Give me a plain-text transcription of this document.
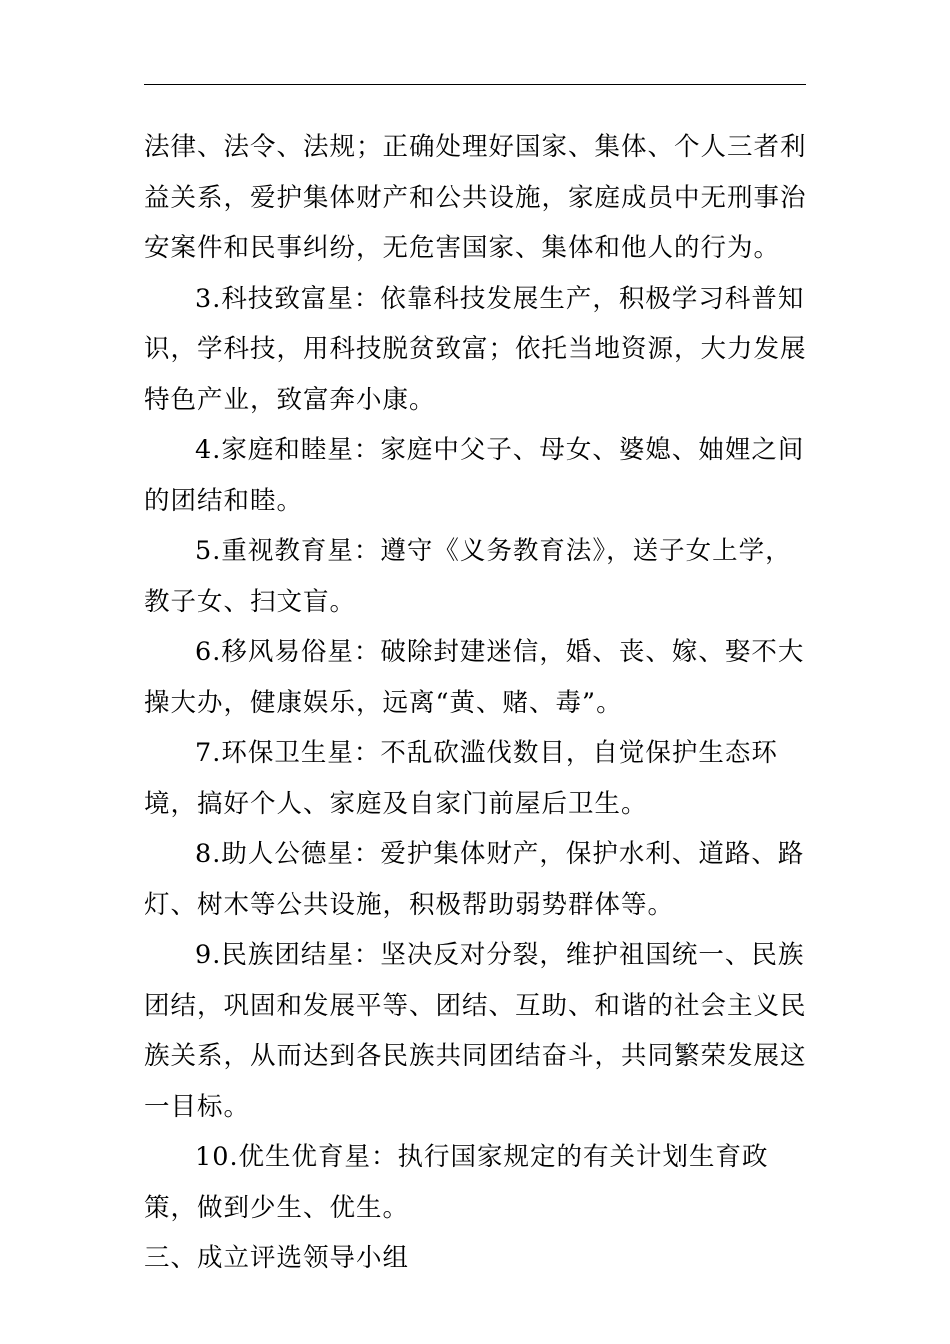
法律、法令、法规；正确处理好国家、集体、个人三者利益关系，爱护集体财产和公共设施，家庭成员中无刑事治安案件和民事纠纷，无危害国家、集体和他人的行为。

3.科技致富星：依靠科技发展生产，积极学习科普知识，学科技，用科技脱贫致富；依托当地资源，大力发展特色产业，致富奔小康。

4.家庭和睦星：家庭中父子、母女、婆媳、妯娌之间的团结和睦。

5.重视教育星：遵守《义务教育法》，送子女上学，教子女、扫文盲。

6.移风易俗星：破除封建迷信，婚、丧、嫁、娶不大操大办，健康娱乐，远离“黄、赌、毒”。

7.环保卫生星：不乱砍滥伐数目，自觉保护生态环境，搞好个人、家庭及自家门前屋后卫生。

8.助人公德星：爱护集体财产，保护水利、道路、路灯、树木等公共设施，积极帮助弱势群体等。

9.民族团结星：坚决反对分裂，维护祖国统一、民族团结，巩固和发展平等、团结、互助、和谐的社会主义民族关系，从而达到各民族共同团结奋斗，共同繁荣发展这一目标。

10.优生优育星：执行国家规定的有关计划生育政策，做到少生、优生。

三、成立评选领导小组
